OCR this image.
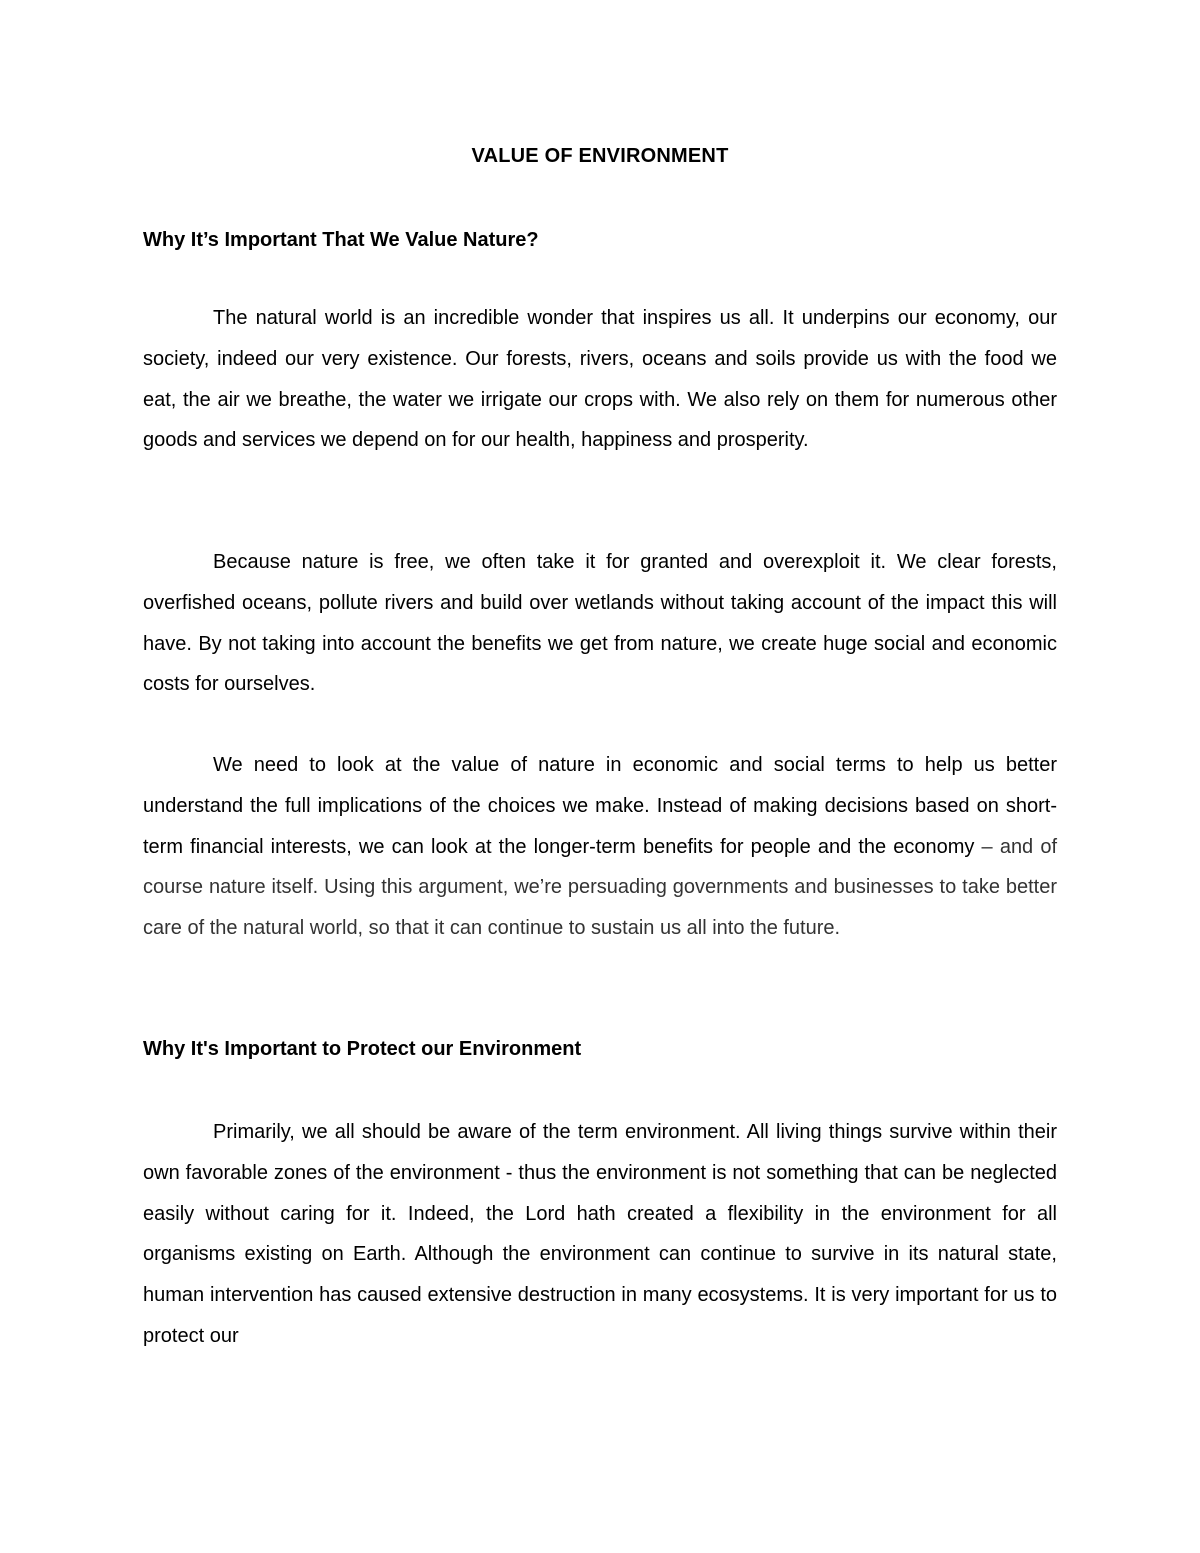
VALUE OF ENVIRONMENT
Why It’s Important That We Value Nature?

The natural world is an incredible wonder that inspires us all. It underpins our economy, our society, indeed our very existence. Our forests, rivers, oceans and soils provide us with the food we eat, the air we breathe, the water we irrigate our crops with. We also rely on them for numerous other goods and services we depend on for our health, happiness and prosperity.

Because nature is free, we often take it for granted and overexploit it. We clear forests, overfished oceans, pollute rivers and build over wetlands without taking account of the impact this will have. By not taking into account the benefits we get from nature, we create huge social and economic costs for ourselves.

We need to look at the value of nature in economic and social terms to help us better understand the full implications of the choices we make. Instead of making decisions based on short-term financial interests, we can look at the longer-term benefits for people and the economy – and of course nature itself. Using this argument, we’re persuading governments and businesses to take better care of the natural world, so that it can continue to sustain us all into the future.

Why It's Important to Protect our Environment

Primarily, we all should be aware of the term environment. All living things survive within their own favorable zones of the environment - thus the environment is not something that can be neglected easily without caring for it. Indeed, the Lord hath created a flexibility in the environment for all organisms existing on Earth. Although the environment can continue to survive in its natural state, human intervention has caused extensive destruction in many ecosystems. It is very important for us to protect our
